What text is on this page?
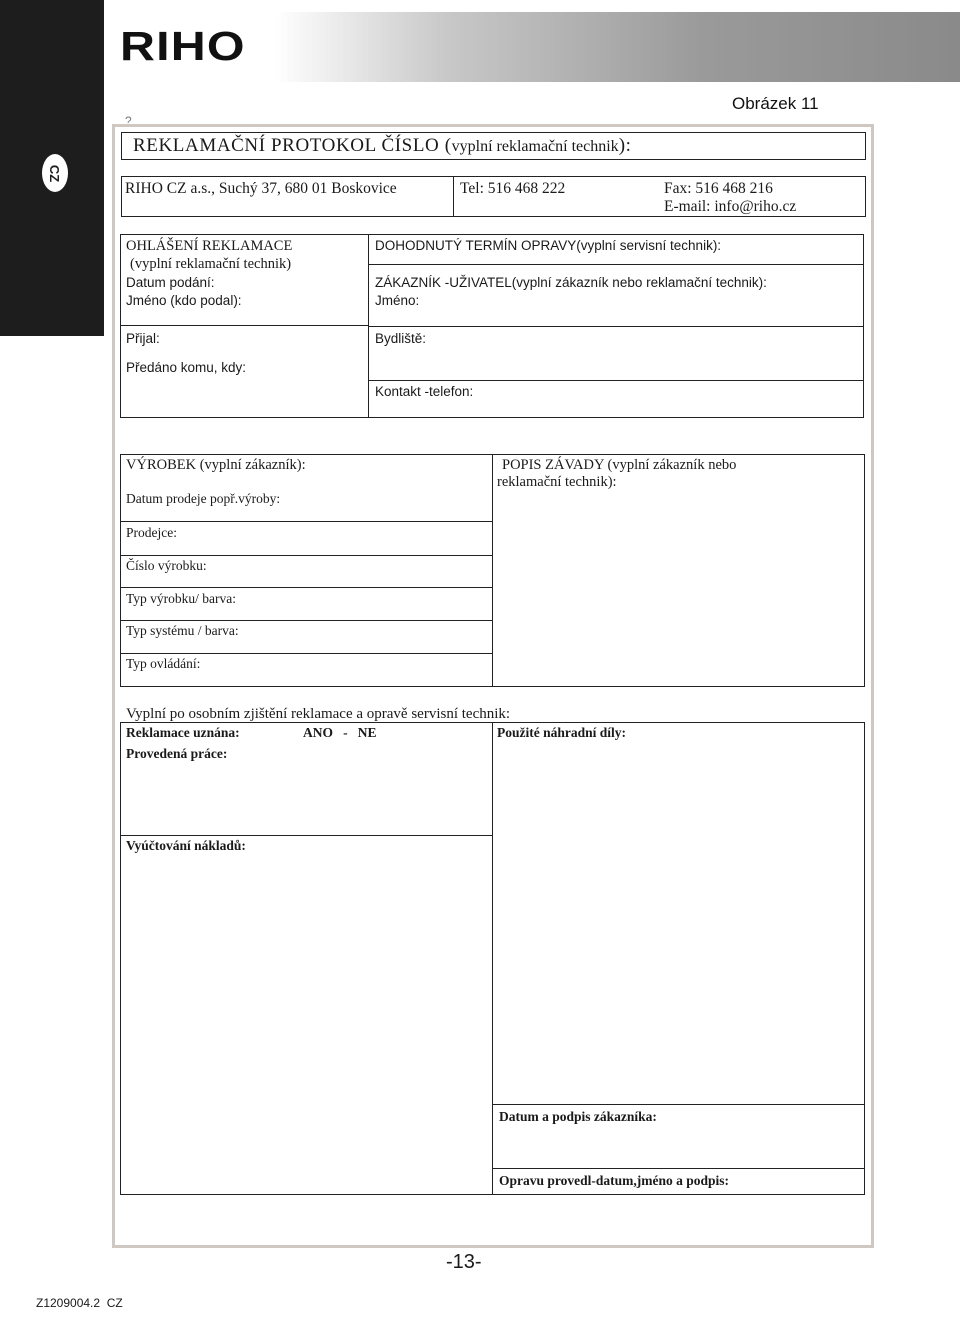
CZ
RIHO
Obrázek 11
?
REKLAMAČNÍ PROTOKOL ČÍSLO (vyplní reklamační technik):
RIHO CZ a.s., Suchý 37, 680 01 Boskovice	Tel: 516 468 222	Fax: 516 468 216
E-mail: info@riho.cz
OHLÁŠENÍ REKLAMACE
(vyplní reklamační technik)
Datum podání:
Jméno (kdo podal):
Přijal:
Předáno komu, kdy:
DOHODNUTÝ TERMÍN OPRAVY(vyplní servisní technik):
ZÁKAZNÍK -UŽIVATEL(vyplní zákazník nebo reklamační technik):
Jméno:
Bydliště:
Kontakt -telefon:
VÝROBEK (vyplní zákazník):
Datum prodeje popř.výroby:
Prodejce:
Číslo výrobku:
Typ výrobku/ barva:
Typ systému / barva:
Typ ovládání:
POPIS ZÁVADY (vyplní zákazník nebo
reklamační technik):
Vyplní po osobním zjištění reklamace a opravě servisní technik:
Reklamace uznána:	ANO   -   NE	Použité náhradní díly:
Provedená práce:
Vyúčtování nákladů:
Datum a podpis zákazníka:
Opravu provedl-datum,jméno a podpis:
-13-
Z1209004.2  CZ
